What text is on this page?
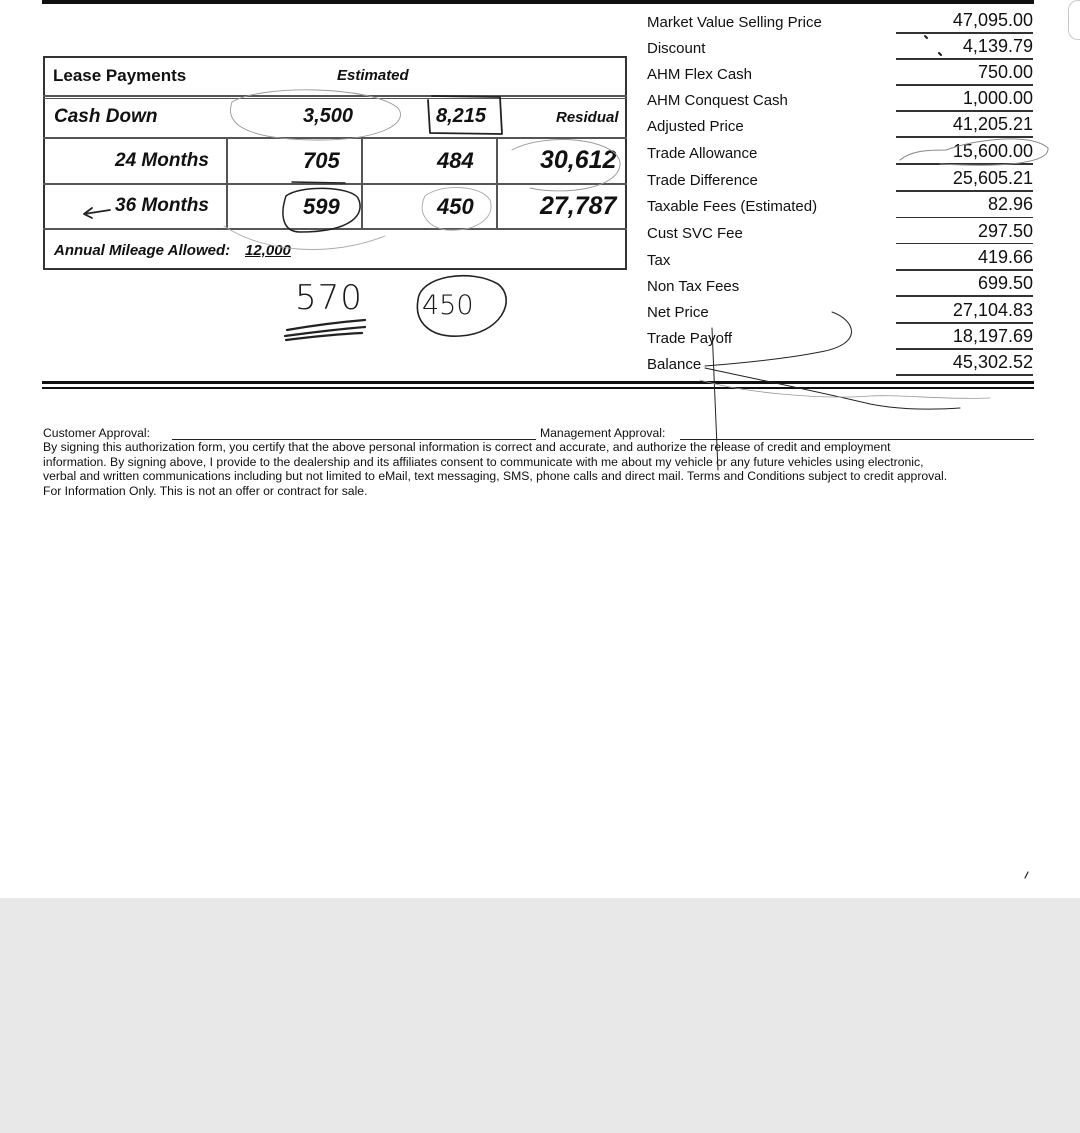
Lease Payments	Estimated
Cash Down	3,500	8,215	Residual
24 Months	705	484	30,612
36 Months	599	450	27,787
Annual Mileage Allowed: 12,000
570 450
Market Value Selling Price	47,095.00
Discount	4,139.79
AHM Flex Cash	750.00
AHM Conquest Cash	1,000.00
Adjusted Price	41,205.21
Trade Allowance	15,600.00
Trade Difference	25,605.21
Taxable Fees (Estimated)	82.96
Cust SVC Fee	297.50
Tax	419.66
Non Tax Fees	699.50
Net Price	27,104.83
Trade Payoff	18,197.69
Balance	45,302.52
Customer Approval:	Management Approval:
By signing this authorization form, you certify that the above personal information is correct and accurate, and authorize the release of credit and employment
information. By signing above, I provide to the dealership and its affiliates consent to communicate with me about my vehicle or any future vehicles using electronic,
verbal and written communications including but not limited to eMail, text messaging, SMS, phone calls and direct mail. Terms and Conditions subject to credit approval.
For Information Only. This is not an offer or contract for sale.
